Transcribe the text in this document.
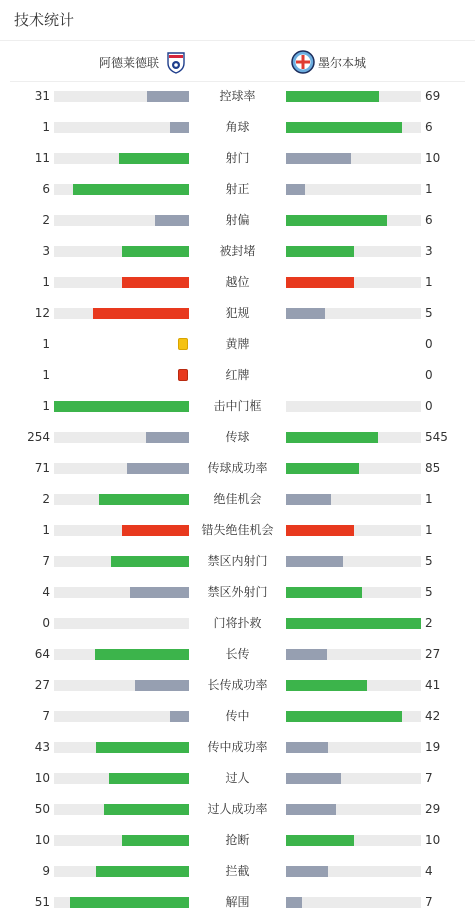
技术统计
阿德莱德联	墨尔本城
31	控球率	69
1	角球	6
11	射门	10
6	射正	1
2	射偏	6
3	被封堵	3
1	越位	1
12	犯规	5
1	黄牌	0
1	红牌	0
1	击中门框	0
254	传球	545
71	传球成功率	85
2	绝佳机会	1
1	错失绝佳机会	1
7	禁区内射门	5
4	禁区外射门	5
0	门将扑救	2
64	长传	27
27	长传成功率	41
7	传中	42
43	传中成功率	19
10	过人	7
50	过人成功率	29
10	抢断	10
9	拦截	4
51	解围	7
